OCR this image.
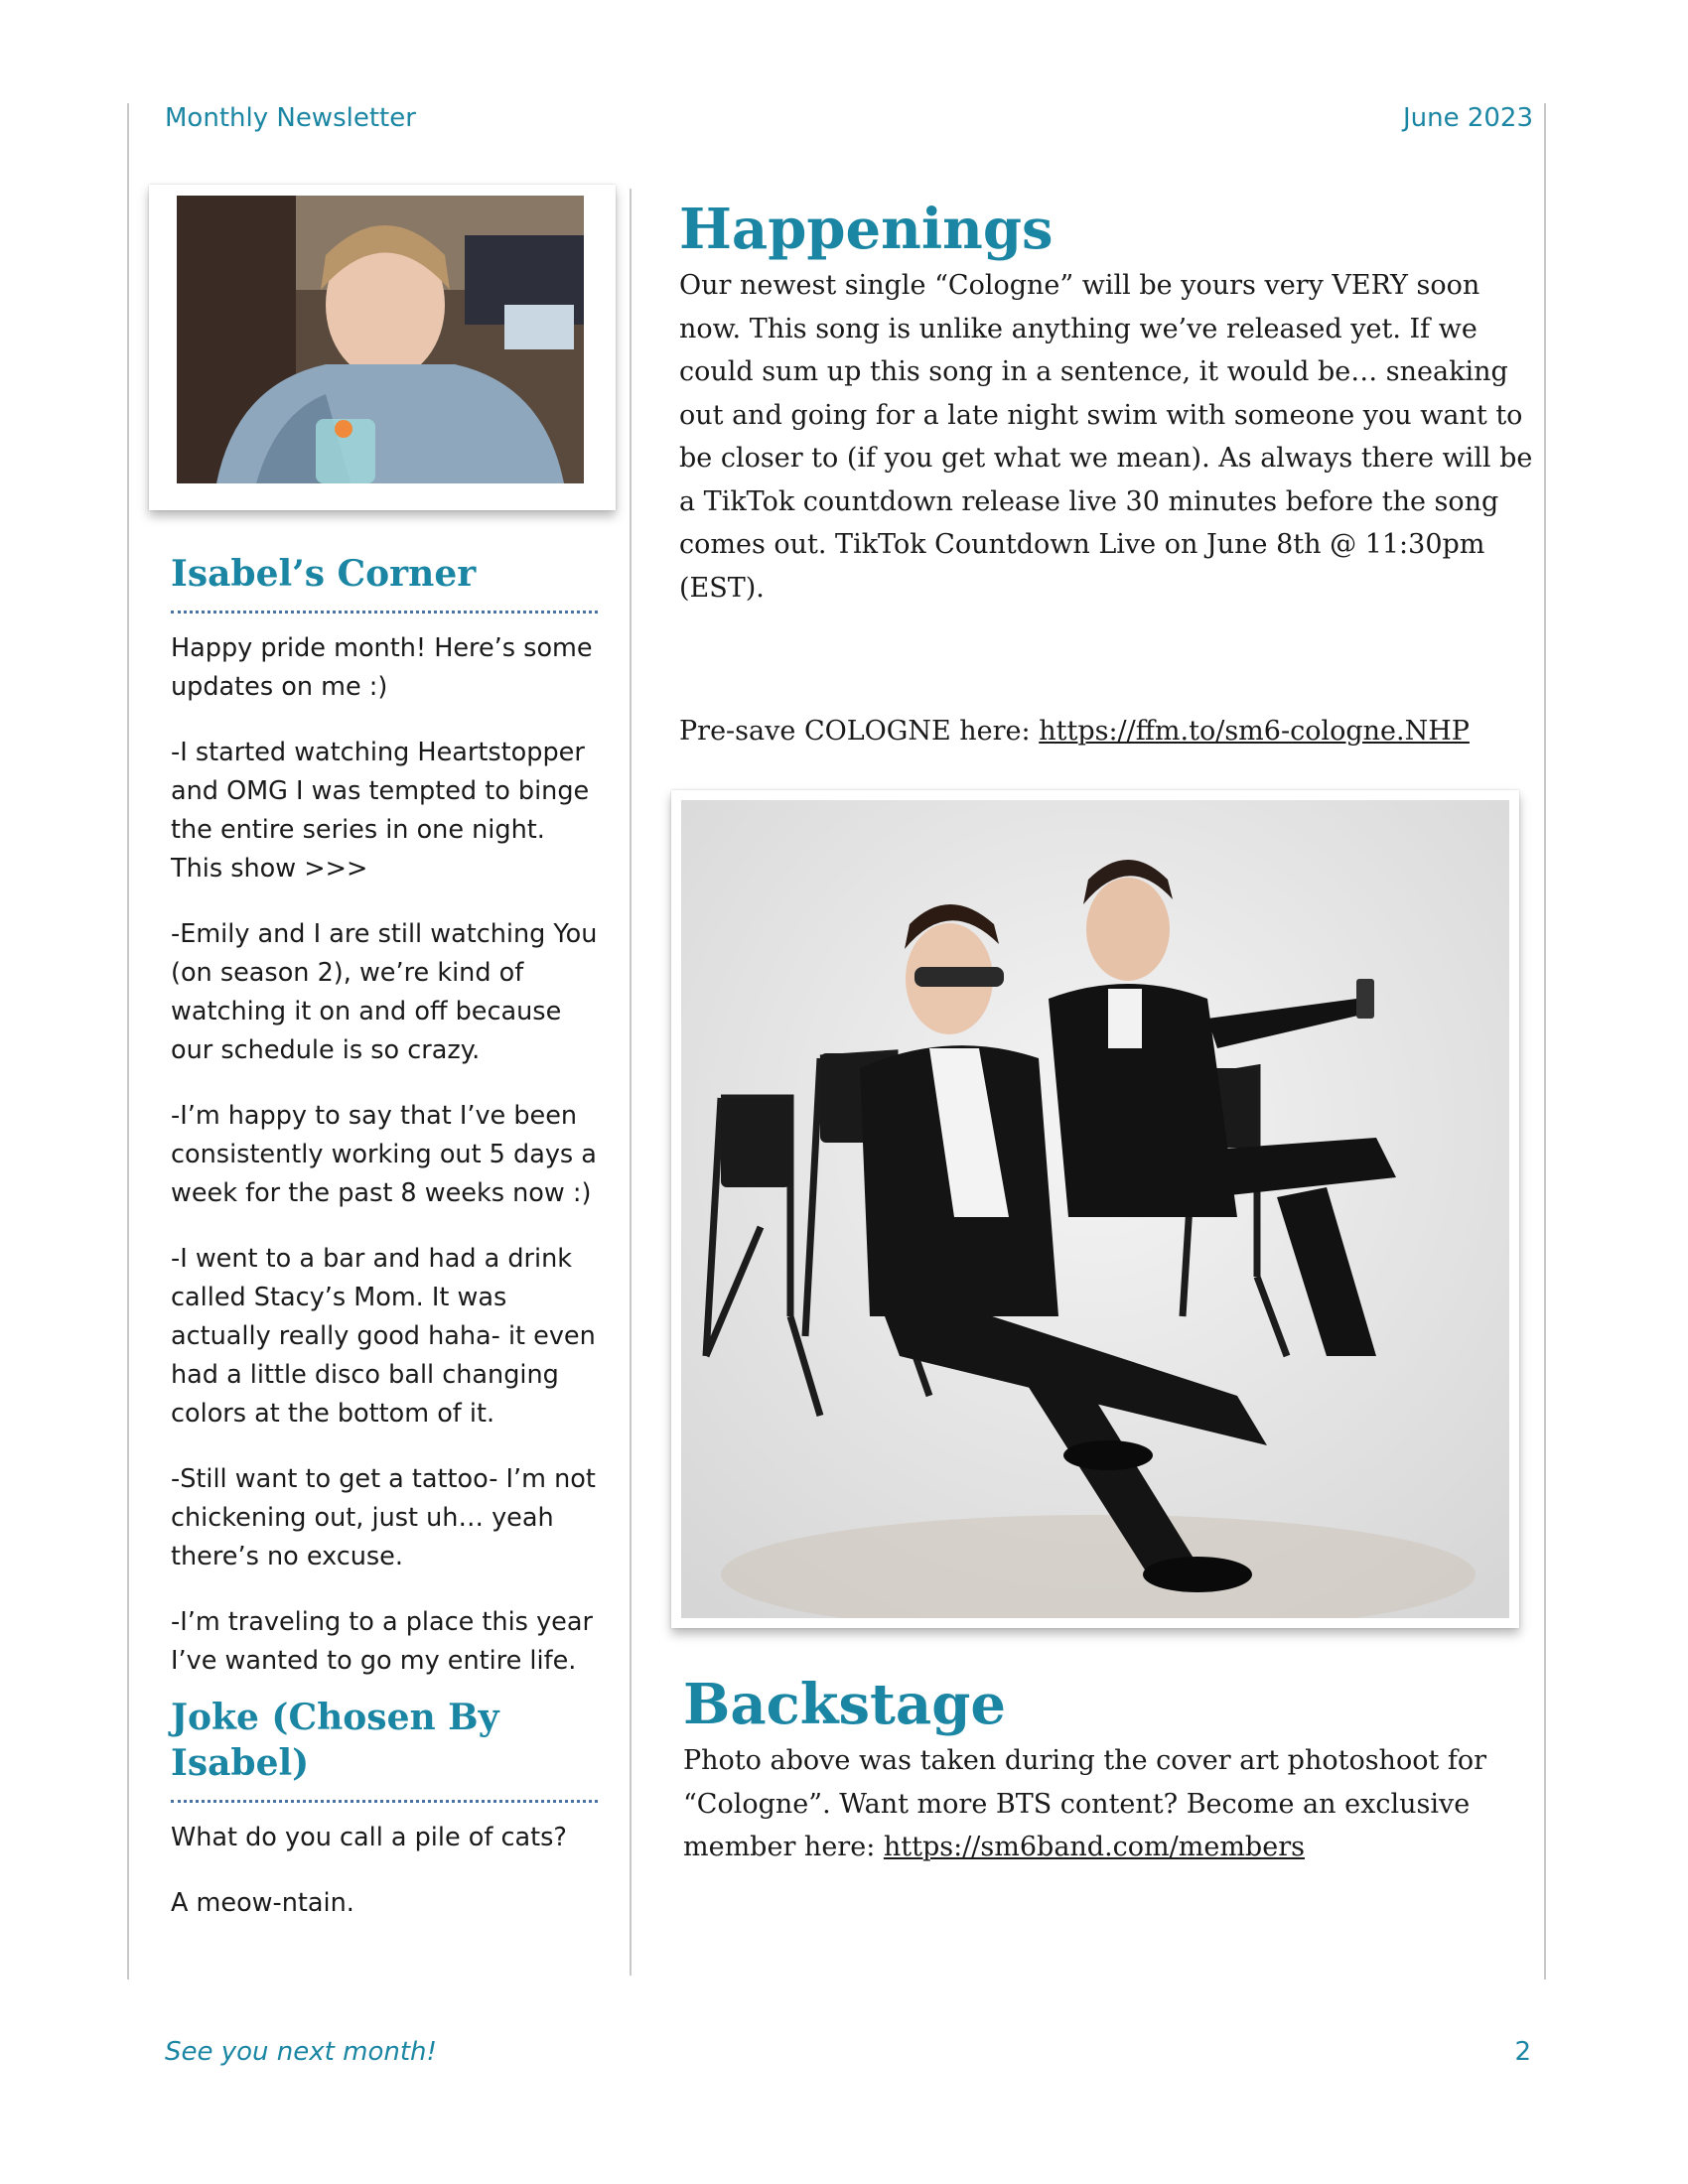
Monthly Newsletter	June 2023
See you next month!	2
Isabel’s Corner

Happy pride month! Here’s some updates on me :)

-I started watching Heartstopper and OMG I was tempted to binge the entire series in one night. This show >>>

-Emily and I are still watching You (on season 2), we’re kind of watching it on and off because our schedule is so crazy.

-I’m happy to say that I’ve been consistently working out 5 days a week for the past 8 weeks now :)

-I went to a bar and had a drink called Stacy’s Mom. It was actually really good haha- it even had a little disco ball changing colors at the bottom of it.

-Still want to get a tattoo- I’m not chickening out, just uh… yeah there’s no excuse.

-I’m traveling to a place this year I’ve wanted to go my entire life.

Joke (Chosen By Isabel)

What do you call a pile of cats?

A meow-ntain.

Happenings

Our newest single “Cologne” will be yours very VERY soon now. This song is unlike anything we’ve released yet. If we could sum up this song in a sentence, it would be… sneaking out and going for a late night swim with someone you want to be closer to (if you get what we mean). As always there will be a TikTok countdown release live 30 minutes before the song comes out. TikTok Countdown Live on June 8th @ 11:30pm (EST).

Pre-save COLOGNE here: https://ffm.to/sm6-cologne.NHP

Backstage

Photo above was taken during the cover art photoshoot for “Cologne”. Want more BTS content? Become an exclusive member here: https://sm6band.com/members
